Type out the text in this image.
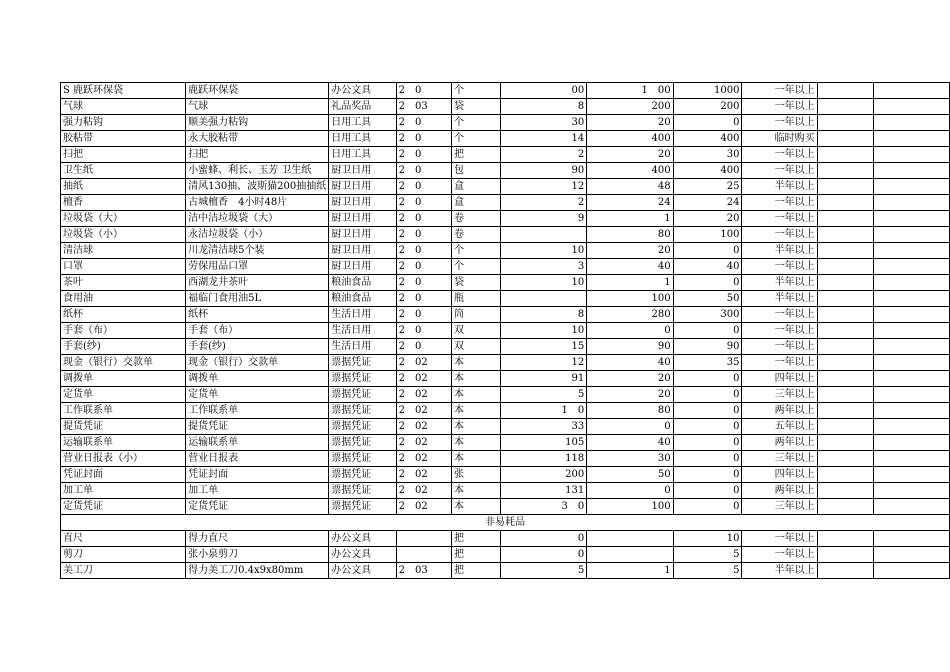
S 鹿跃环保袋	鹿跃环保袋	办公文具	2　0	个	00	1　00	1000	一年以上		
气球	气球	礼品奖品	2　03	袋	8	200	200	一年以上		
强力粘钩	顺美强力粘钩	日用工具	2　0	个	30	20	0	一年以上		
胶粘带	永大胶粘带	日用工具	2　0	个	14	400	400	临时购买		
扫把	扫把	日用工具	2　0	把	2	20	30	一年以上		
卫生纸	小蜜蜂、利长、玉芳 卫生纸	厨卫日用	2　0	包	90	400	400	一年以上		
抽纸	清风130抽、波斯猫200抽抽纸	厨卫日用	2　0	盒	12	48	25	半年以上		
檀香	古城檀香　4小时48片	厨卫日用	2　0	盒	2	24	24	一年以上		
垃圾袋（大）	洁中洁垃圾袋（大）	厨卫日用	2　0	卷	9	1	20	一年以上		
垃圾袋（小）	永洁垃圾袋（小）	厨卫日用	2　0	卷		80	100	一年以上		
清洁球	川龙清洁球5个装	厨卫日用	2　0	个	10	20	0	半年以上		
口罩	劳保用品口罩	厨卫日用	2　0	个	3	40	40	一年以上		
茶叶	西湖龙井茶叶	粮油食品	2　0	袋	10	1	0	半年以上		
食用油	福临门食用油5L	粮油食品	2　0	瓶		100	50	半年以上		
纸杯	纸杯	生活日用	2　0	筒	8	280	300	一年以上		
手套（布）	手套（布）	生活日用	2　0	双	10	0	0	一年以上		
手套(纱)	手套(纱)	生活日用	2　0	双	15	90	90	一年以上		
现金（银行）交款单	现金（银行）交款单	票据凭证	2　02	本	12	40	35	一年以上		
调拨单	调拨单	票据凭证	2　02	本	91	20	0	四年以上		
定货单	定货单	票据凭证	2　02	本	5	20	0	三年以上		
工作联系单	工作联系单	票据凭证	2　02	本	1　0	80	0	两年以上		
提货凭证	提货凭证	票据凭证	2　02	本	33	0	0	五年以上		
运输联系单	运输联系单	票据凭证	2　02	本	105	40	0	两年以上		
营业日报表（小）	营业日报表	票据凭证	2　02	本	118	30	0	三年以上		
凭证封面	凭证封面	票据凭证	2　02	张	200	50	0	四年以上		
加工单	加工单	票据凭证	2　02	本	131	0	0	两年以上		
定货凭证	定货凭证	票据凭证	2　02	本	3　0	100	0	三年以上		
非易耗品										
直尺	得力直尺	办公文具		把	0		10	一年以上		
剪刀	张小泉剪刀	办公文具		把	0		5	一年以上		
美工刀	得力美工刀0.4x9x80mm	办公文具	2　03	把	5	1	5	半年以上		
